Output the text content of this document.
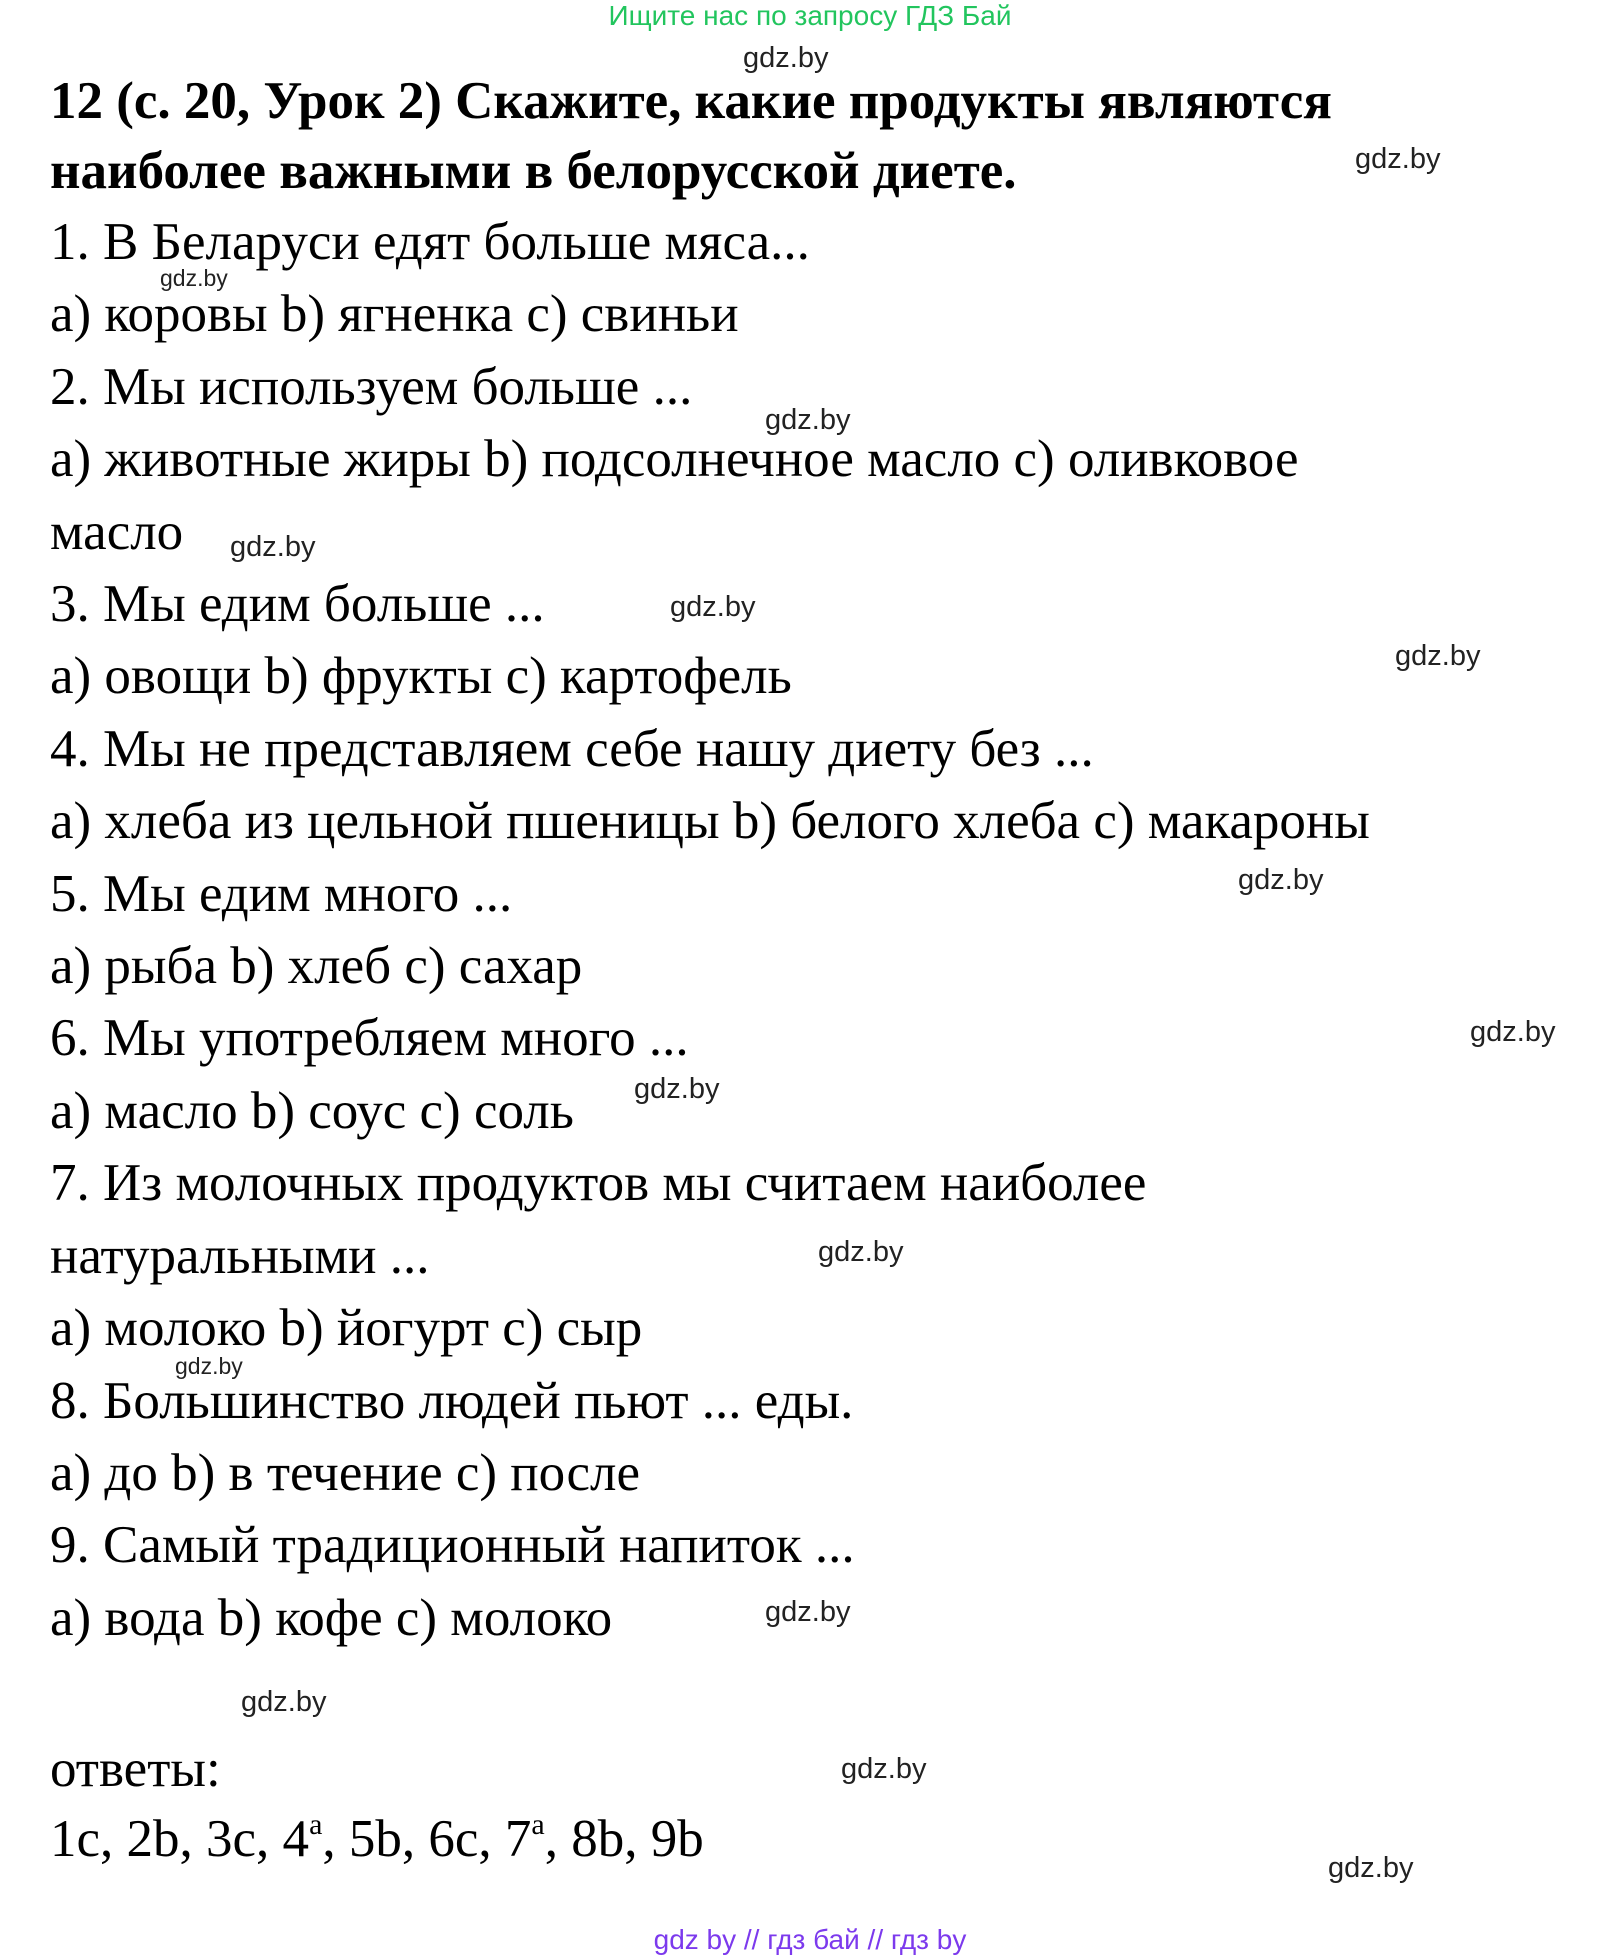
Ищите нас по запросу ГДЗ Бай
12 (с. 20, Урок 2) Скажите, какие продукты являются
наиболее важными в белорусской диете.
1. В Беларуси едят больше мяса...
a) коровы b) ягненка c) свиньи
2. Мы используем больше ...
a) животные жиры b) подсолнечное масло c) оливковое
масло
3. Мы едим больше ...
a) овощи b) фрукты c) картофель
4. Мы не представляем себе нашу диету без ...
a) хлеба из цельной пшеницы b) белого хлеба c) макароны
5. Мы едим много ...
a) рыба b) хлеб c) сахар
6. Мы употребляем много ...
a) масло b) соус c) соль
7. Из молочных продуктов мы считаем наиболее
натуральными ...
a) молоко b) йогурт c) сыр
8. Большинство людей пьют ... еды.
a) до b) в течение c) после
9. Самый традиционный напиток ...
a) вода b) кофе c) молоко
ответы:
1c, 2b, 3c, 4$^a$, 5b, 6c, 7$^a$, 8b, 9b
gdz.by
gdz.by
gdz.by
gdz.by
gdz.by
gdz.by
gdz.by
gdz.by
gdz.by
gdz.by
gdz.by
gdz.by
gdz.by
gdz.by
gdz.by
gdz.by
gdz by // гдз бай // гдз by
